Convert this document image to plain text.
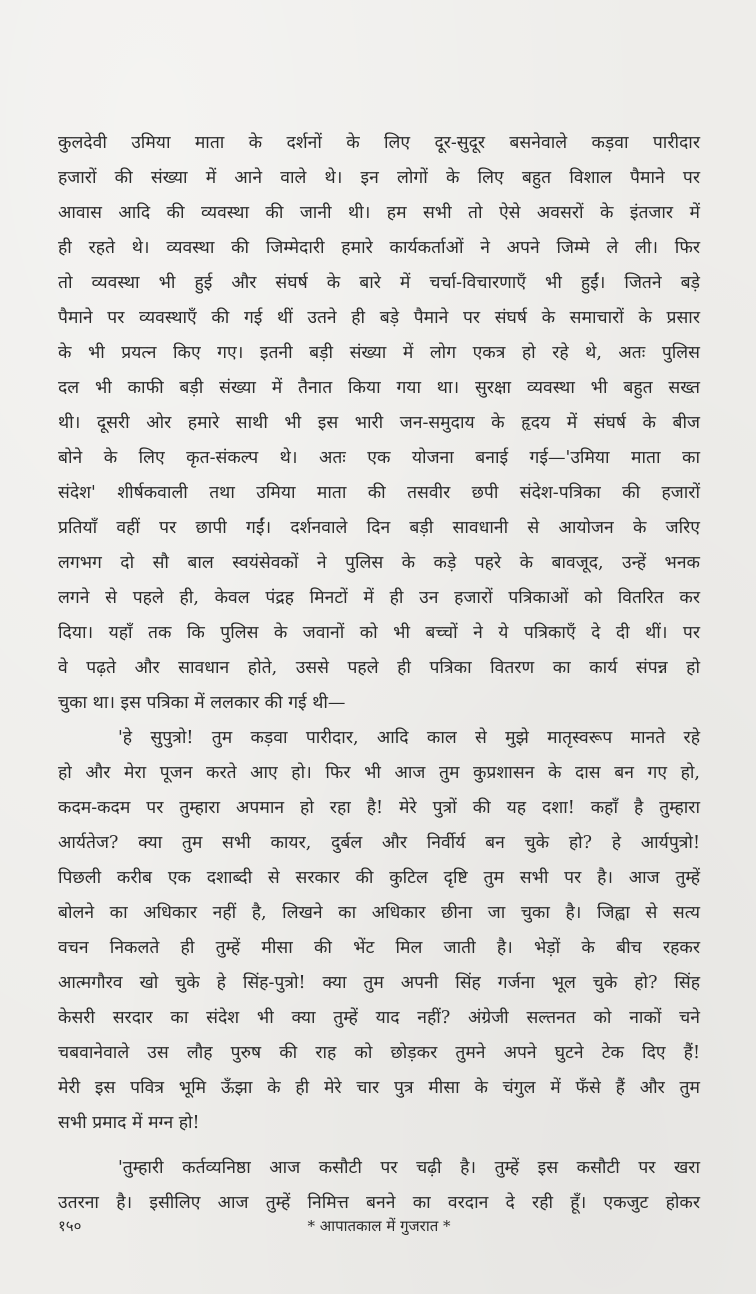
कुलदेवी उमिया माता के दर्शनों के लिए दूर-सुदूर बसनेवाले कड़वा पारीदार
हजारों की संख्या में आने वाले थे। इन लोगों के लिए बहुत विशाल पैमाने पर
आवास आदि की व्यवस्था की जानी थी। हम सभी तो ऐसे अवसरों के इंतजार में
ही रहते थे। व्यवस्था की जिम्मेदारी हमारे कार्यकर्ताओं ने अपने जिम्मे ले ली। फिर
तो व्यवस्था भी हुई और संघर्ष के बारे में चर्चा-विचारणाएँ भी हुईं। जितने बड़े
पैमाने पर व्यवस्थाएँ की गई थीं उतने ही बड़े पैमाने पर संघर्ष के समाचारों के प्रसार
के भी प्रयत्न किए गए। इतनी बड़ी संख्या में लोग एकत्र हो रहे थे, अतः पुलिस
दल भी काफी बड़ी संख्या में तैनात किया गया था। सुरक्षा व्यवस्था भी बहुत सख्त
थी। दूसरी ओर हमारे साथी भी इस भारी जन-समुदाय के हृदय में संघर्ष के बीज
बोने के लिए कृत-संकल्प थे। अतः एक योजना बनाई गई—'उमिया माता का
संदेश' शीर्षकवाली तथा उमिया माता की तसवीर छपी संदेश-पत्रिका की हजारों
प्रतियाँ वहीं पर छापी गईं। दर्शनवाले दिन बड़ी सावधानी से आयोजन के जरिए
लगभग दो सौ बाल स्वयंसेवकों ने पुलिस के कड़े पहरे के बावजूद, उन्हें भनक
लगने से पहले ही, केवल पंद्रह मिनटों में ही उन हजारों पत्रिकाओं को वितरित कर
दिया। यहाँ तक कि पुलिस के जवानों को भी बच्चों ने ये पत्रिकाएँ दे दी थीं। पर
वे पढ़ते और सावधान होते, उससे पहले ही पत्रिका वितरण का कार्य संपन्न हो
चुका था। इस पत्रिका में ललकार की गई थी—
'हे सुपुत्रो! तुम कड़वा पारीदार, आदि काल से मुझे मातृस्वरूप मानते रहे
हो और मेरा पूजन करते आए हो। फिर भी आज तुम कुप्रशासन के दास बन गए हो,
कदम-कदम पर तुम्हारा अपमान हो रहा है! मेरे पुत्रों की यह दशा! कहाँ है तुम्हारा
आर्यतेज? क्या तुम सभी कायर, दुर्बल और निर्वीर्य बन चुके हो? हे आर्यपुत्रो!
पिछली करीब एक दशाब्दी से सरकार की कुटिल दृष्टि तुम सभी पर है। आज तुम्हें
बोलने का अधिकार नहीं है, लिखने का अधिकार छीना जा चुका है। जिह्वा से सत्य
वचन निकलते ही तुम्हें मीसा की भेंट मिल जाती है। भेड़ों के बीच रहकर
आत्मगौरव खो चुके हे सिंह-पुत्रो! क्या तुम अपनी सिंह गर्जना भूल चुके हो? सिंह
केसरी सरदार का संदेश भी क्या तुम्हें याद नहीं? अंग्रेजी सल्तनत को नाकों चने
चबवानेवाले उस लौह पुरुष की राह को छोड़कर तुमने अपने घुटने टेक दिए हैं!
मेरी इस पवित्र भूमि ऊँझा के ही मेरे चार पुत्र मीसा के चंगुल में फँसे हैं और तुम
सभी प्रमाद में मग्न हो!
'तुम्हारी कर्तव्यनिष्ठा आज कसौटी पर चढ़ी है। तुम्हें इस कसौटी पर खरा
उतरना है। इसीलिए आज तुम्हें निमित्त बनने का वरदान दे रही हूँ। एकजुट होकर
१५०	* आपातकाल में गुजरात *
